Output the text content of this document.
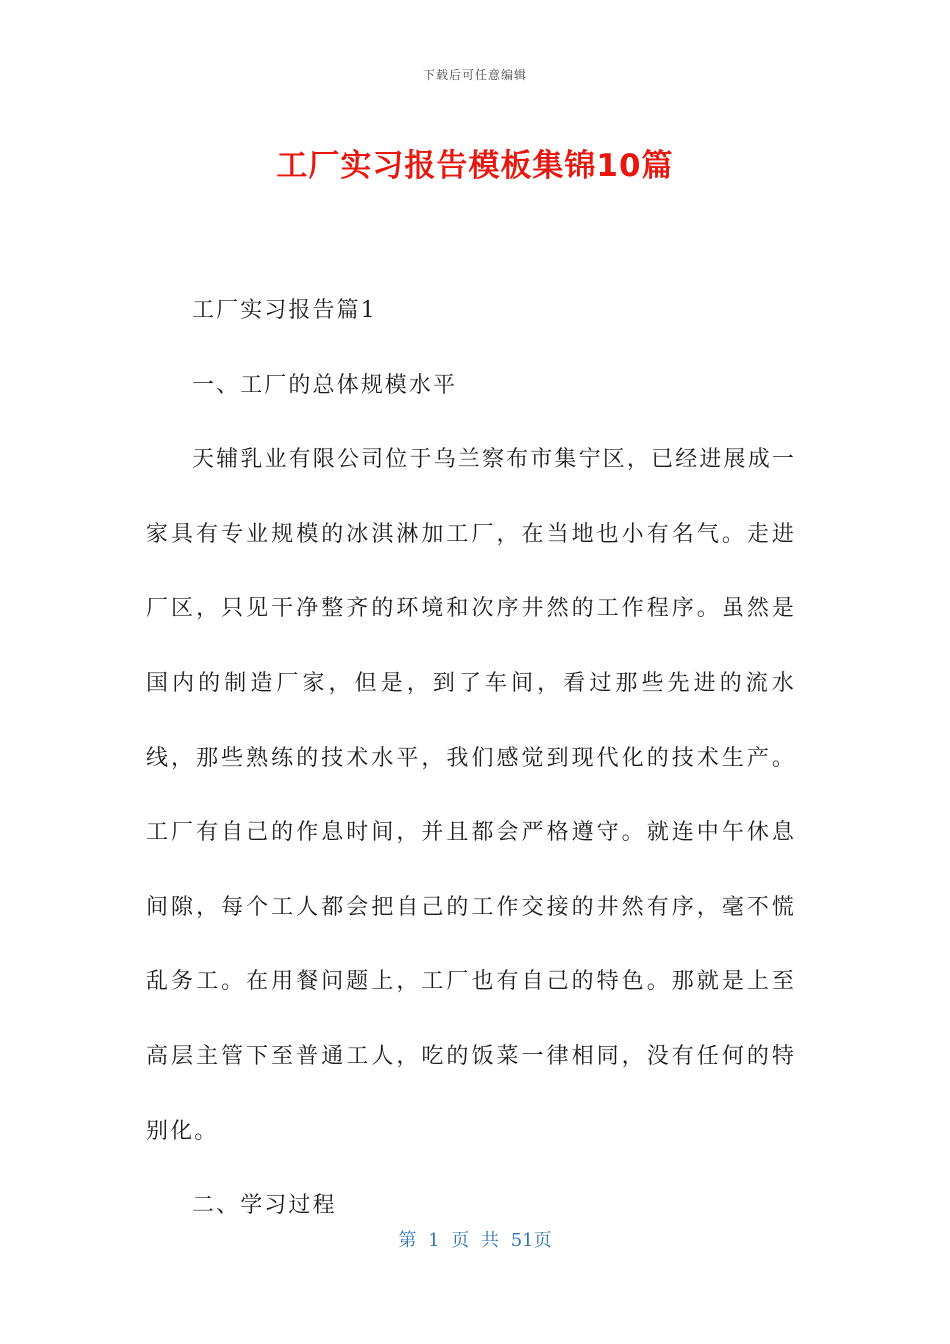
下载后可任意编辑
工厂实习报告模板集锦10篇

工厂实习报告篇1

一、工厂的总体规模水平

天辅乳业有限公司位于乌兰察布市集宁区，已经进展成一家具有专业规模的冰淇淋加工厂，在当地也小有名气。走进厂区，只见干净整齐的环境和次序井然的工作程序。虽然是国内的制造厂家，但是，到了车间，看过那些先进的流水线，那些熟练的技术水平，我们感觉到现代化的技术生产。工厂有自己的作息时间，并且都会严格遵守。就连中午休息间隙，每个工人都会把自己的工作交接的井然有序，毫不慌乱务工。在用餐问题上，工厂也有自己的特色。那就是上至高层主管下至普通工人，吃的饭菜一律相同，没有任何的特别化。

二、学习过程

第 1 页 共 51页
